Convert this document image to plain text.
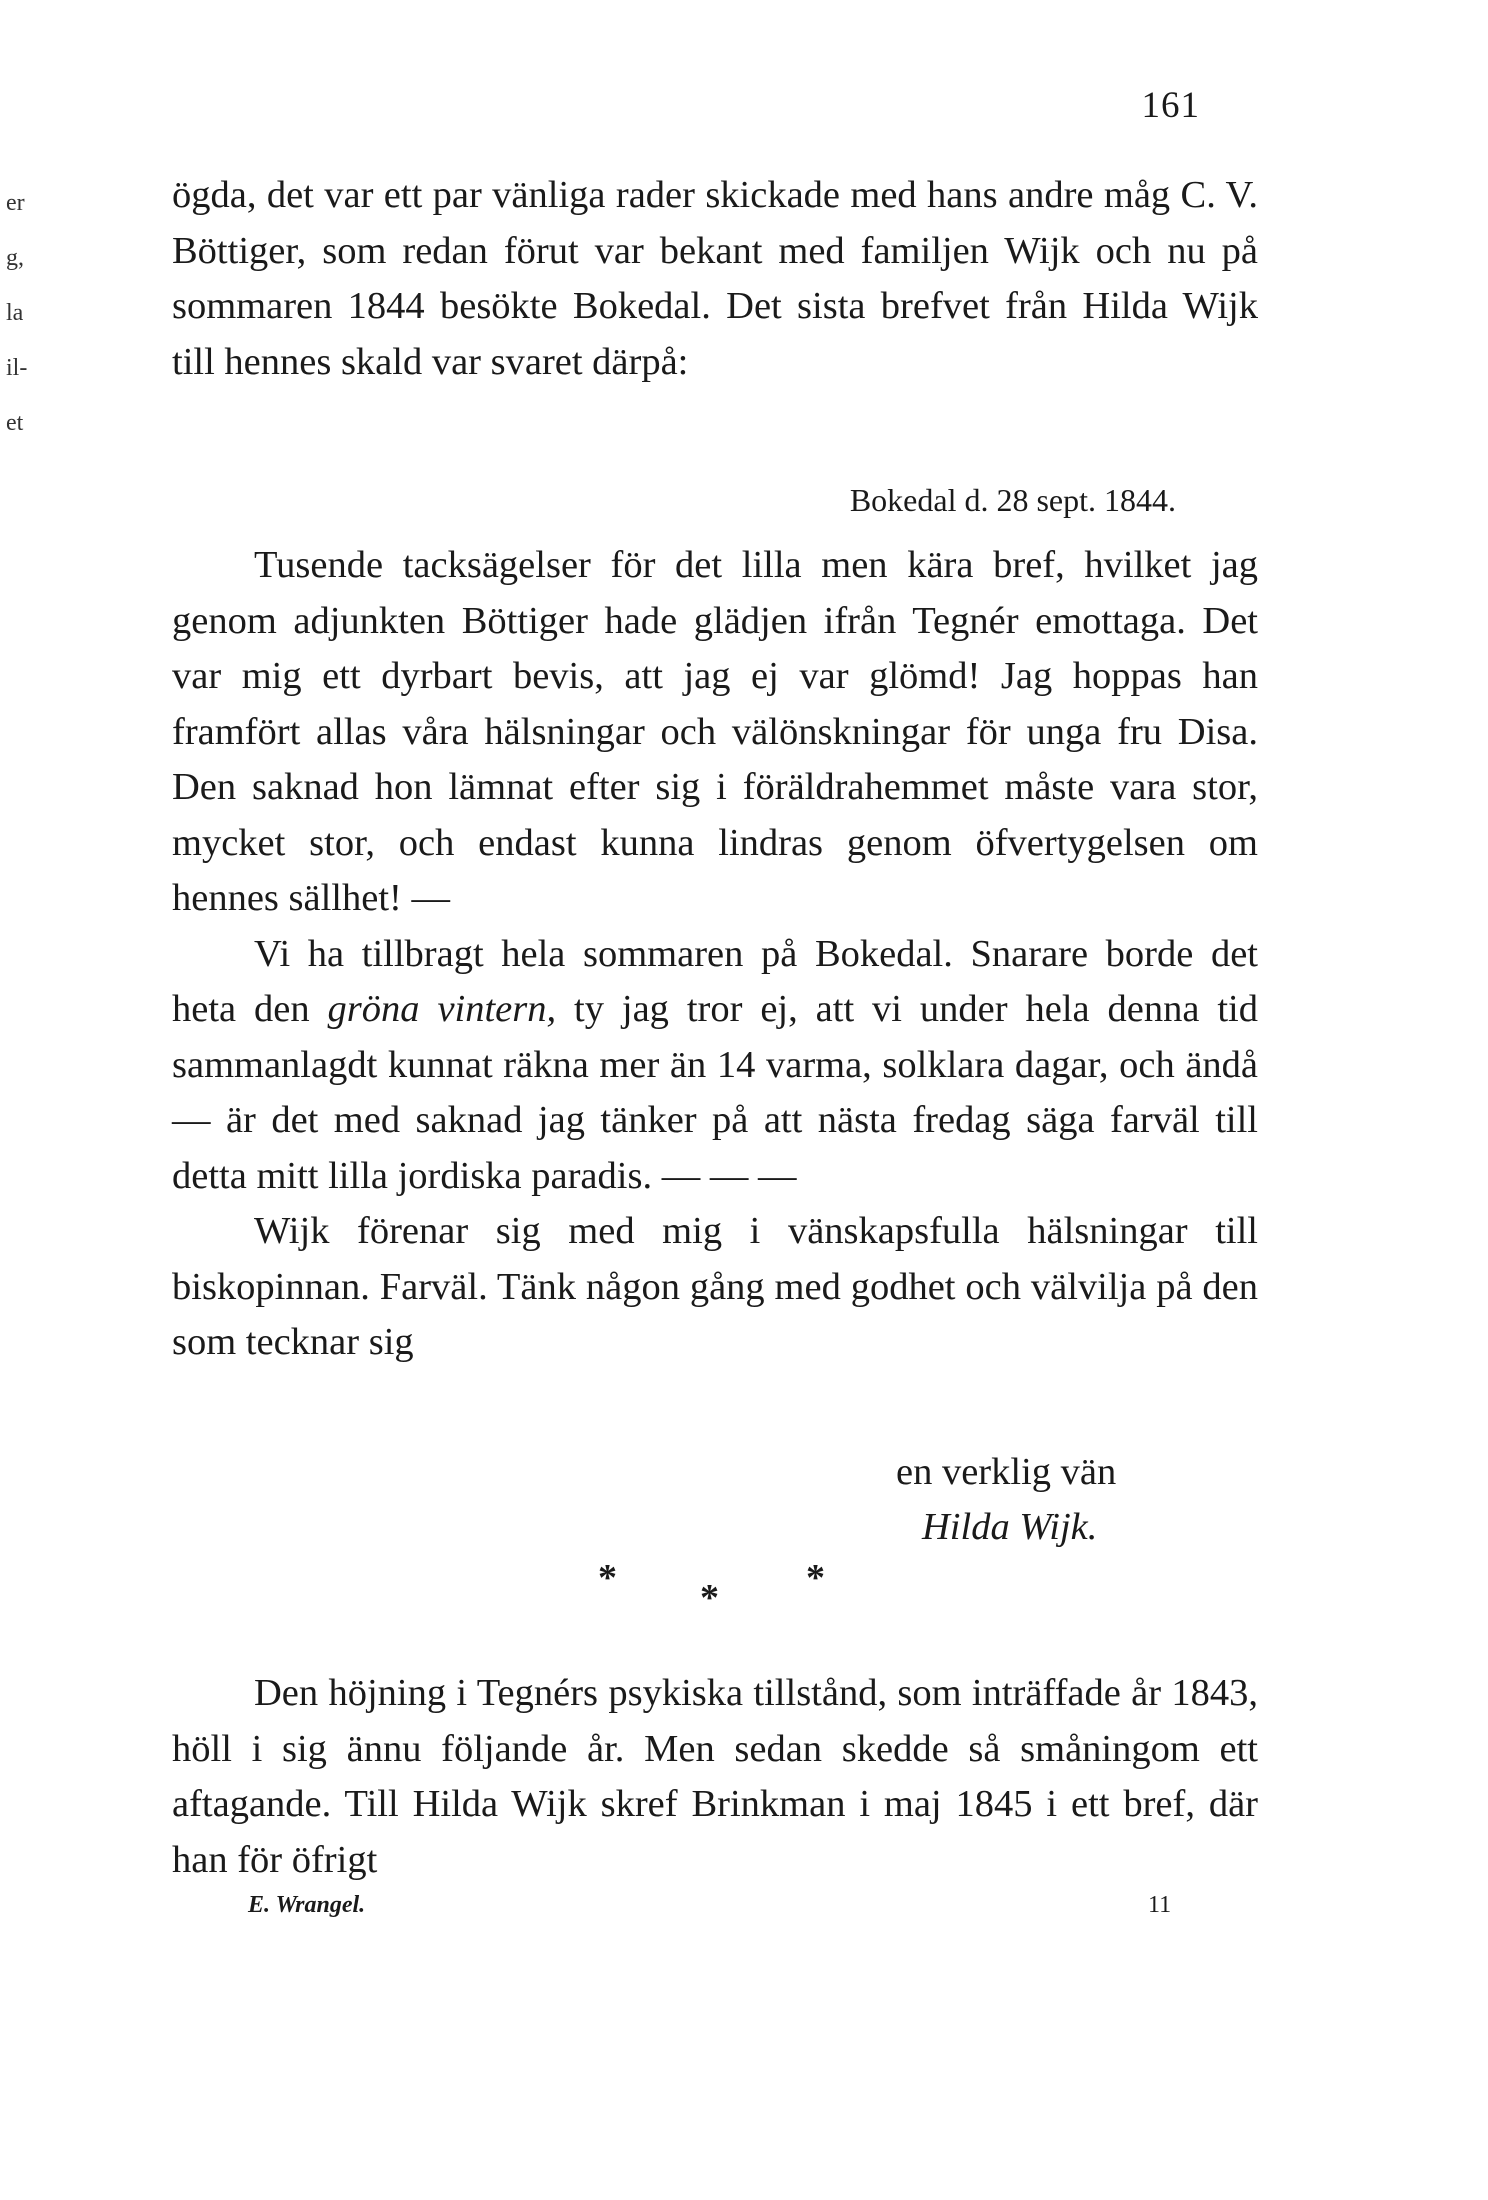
161
er
g,
la
il-
et

ögda, det var ett par vänliga rader skickade med hans andre måg C. V. Böttiger, som redan förut var bekant med familjen Wijk och nu på sommaren 1844 besökte Bokedal. Det sista brefvet från Hilda Wijk till hennes skald var svaret därpå:

Bokedal d. 28 sept. 1844.

Tusende tacksägelser för det lilla men kära bref, hvilket jag genom adjunkten Böttiger hade glädjen ifrån Tegnér emottaga. Det var mig ett dyrbart bevis, att jag ej var glömd! Jag hoppas han framfört allas våra hälsningar och välönskningar för unga fru Disa. Den saknad hon lämnat efter sig i föräldrahemmet måste vara stor, mycket stor, och endast kunna lindras genom öfvertygelsen om hennes sällhet! —

Vi ha tillbragt hela sommaren på Bokedal. Snarare borde det heta den gröna vintern, ty jag tror ej, att vi under hela denna tid sammanlagdt kunnat räkna mer än 14 varma, solklara dagar, och ändå — är det med saknad jag tänker på att nästa fredag säga farväl till detta mitt lilla jordiska paradis. — — —

Wijk förenar sig med mig i vänskapsfulla hälsningar till biskopinnan. Farväl. Tänk någon gång med godhet och välvilja på den som tecknar sig

en verklig vän
Hilda Wijk.
* * *

Den höjning i Tegnérs psykiska tillstånd, som inträffade år 1843, höll i sig ännu följande år. Men sedan skedde så småningom ett aftagande. Till Hilda Wijk skref Brinkman i maj 1845 i ett bref, där han för öfrigt

E. Wrangel.	11
